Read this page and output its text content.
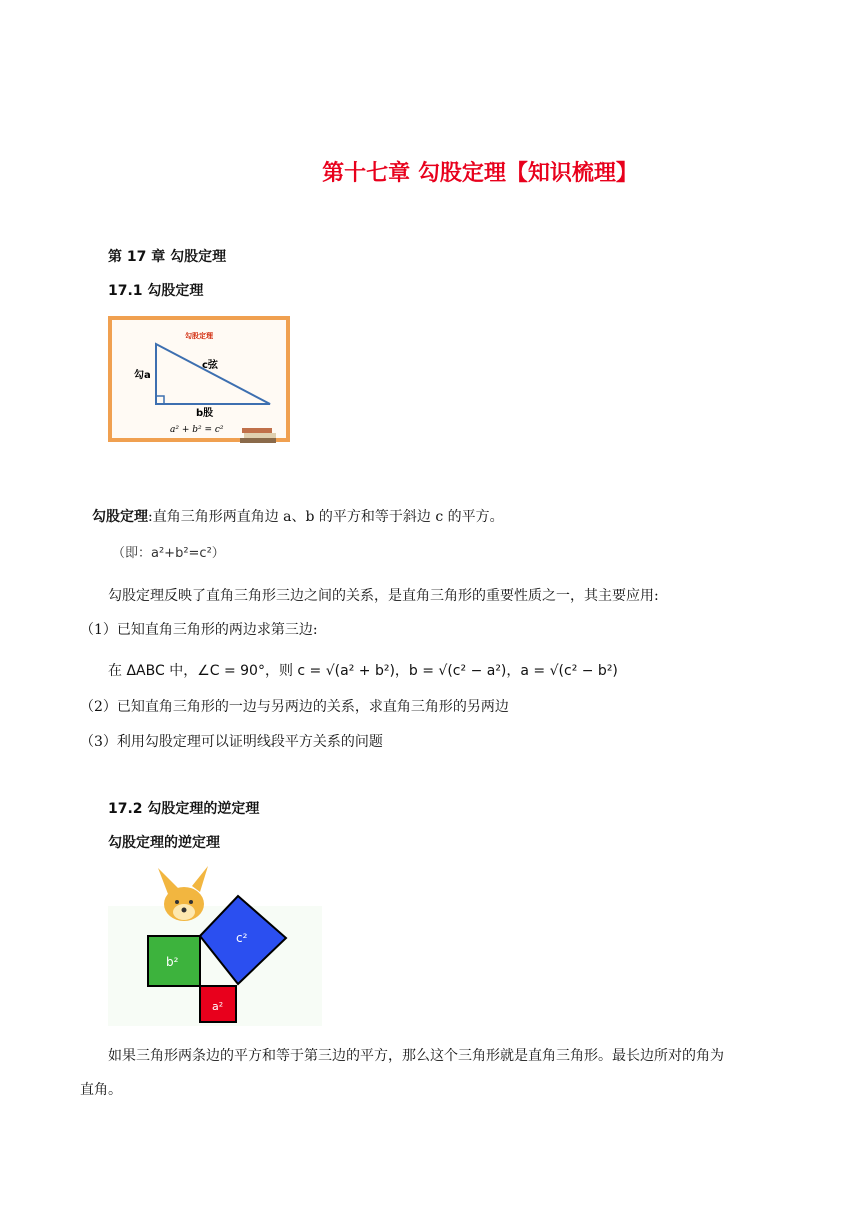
第十七章 勾股定理【知识梳理】
第 17 章 勾股定理
17.1 勾股定理
勾股定理
勾a
c弦
b股
a² + b² = c²
勾股定理:直角三角形两直角边 a、b 的平方和等于斜边 c 的平方。
（即：a²+b²=c²）
勾股定理反映了直角三角形三边之间的关系，是直角三角形的重要性质之一，其主要应用:
（1）已知直角三角形的两边求第三边:
在 ΔABC 中，∠C = 90°，则 c = √(a² + b²)，b = √(c² − a²)，a = √(c² − b²)
（2）已知直角三角形的一边与另两边的关系，求直角三角形的另两边
（3）利用勾股定理可以证明线段平方关系的问题
17.2 勾股定理的逆定理
勾股定理的逆定理
b²
c²
a²
如果三角形两条边的平方和等于第三边的平方，那么这个三角形就是直角三角形。最长边所对的角为
直角。
